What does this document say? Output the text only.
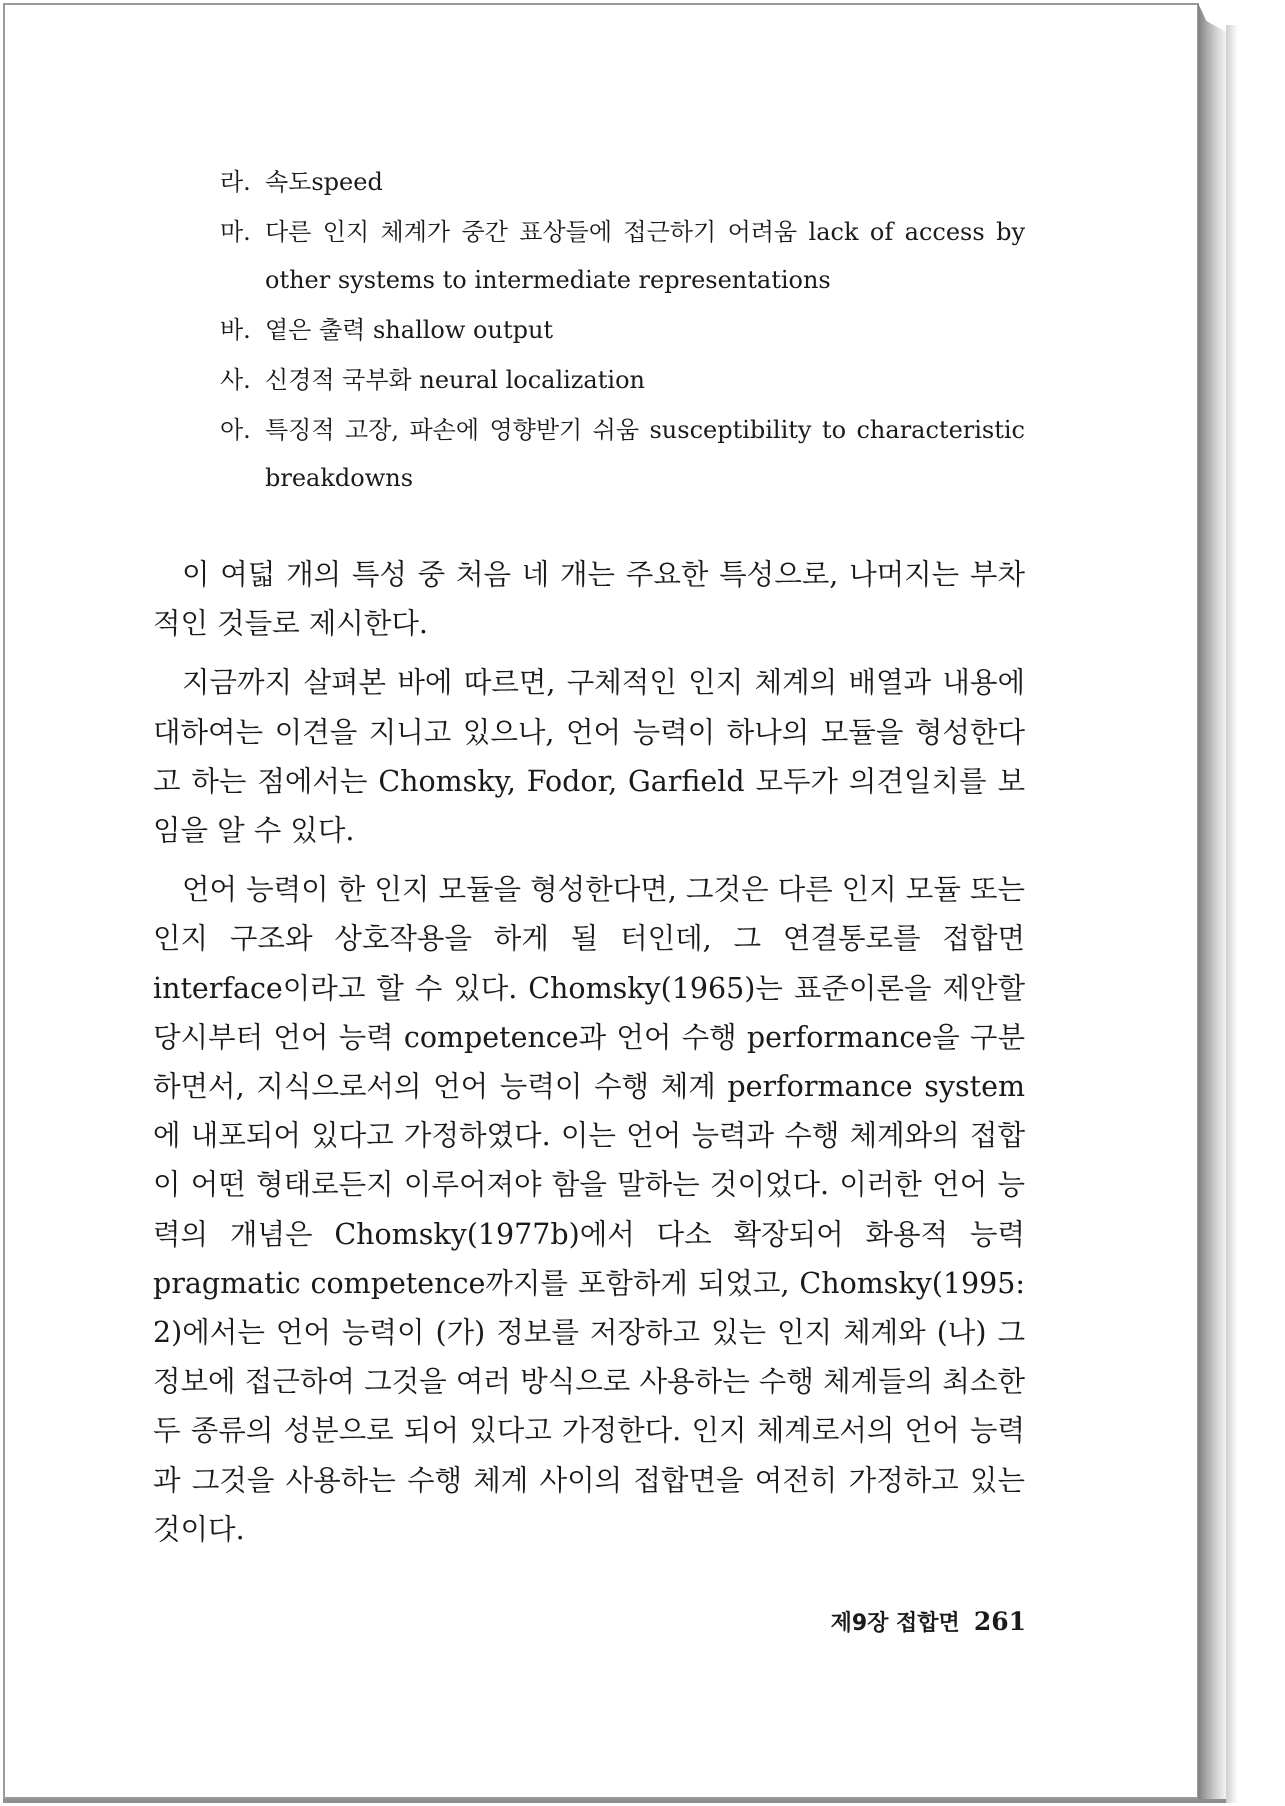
라. 속도speed
마. 다른 인지 체계가 중간 표상들에 접근하기 어려움 lack of access by other systems to intermediate representations
바. 옅은 출력 shallow output
사. 신경적 국부화 neural localization
아. 특징적 고장, 파손에 영향받기 쉬움 susceptibility to characteristic breakdowns

이 여덟 개의 특성 중 처음 네 개는 주요한 특성으로, 나머지는 부차적인 것들로 제시한다.

지금까지 살펴본 바에 따르면, 구체적인 인지 체계의 배열과 내용에 대하여는 이견을 지니고 있으나, 언어 능력이 하나의 모듈을 형성한다고 하는 점에서는 Chomsky, Fodor, Garfield 모두가 의견일치를 보임을 알 수 있다.

언어 능력이 한 인지 모듈을 형성한다면, 그것은 다른 인지 모듈 또는 인지 구조와 상호작용을 하게 될 터인데, 그 연결통로를 접합면 interface이라고 할 수 있다. Chomsky(1965)는 표준이론을 제안할 당시부터 언어 능력 competence과 언어 수행 performance을 구분하면서, 지식으로서의 언어 능력이 수행 체계 performance system에 내포되어 있다고 가정하였다. 이는 언어 능력과 수행 체계와의 접합이 어떤 형태로든지 이루어져야 함을 말하는 것이었다. 이러한 언어 능력의 개념은 Chomsky(1977b)에서 다소 확장되어 화용적 능력 pragmatic competence까지를 포함하게 되었고, Chomsky(1995: 2)에서는 언어 능력이 (가) 정보를 저장하고 있는 인지 체계와 (나) 그 정보에 접근하여 그것을 여러 방식으로 사용하는 수행 체계들의 최소한 두 종류의 성분으로 되어 있다고 가정한다. 인지 체계로서의 언어 능력과 그것을 사용하는 수행 체계 사이의 접합면을 여전히 가정하고 있는 것이다.

제9장 접합면 261
